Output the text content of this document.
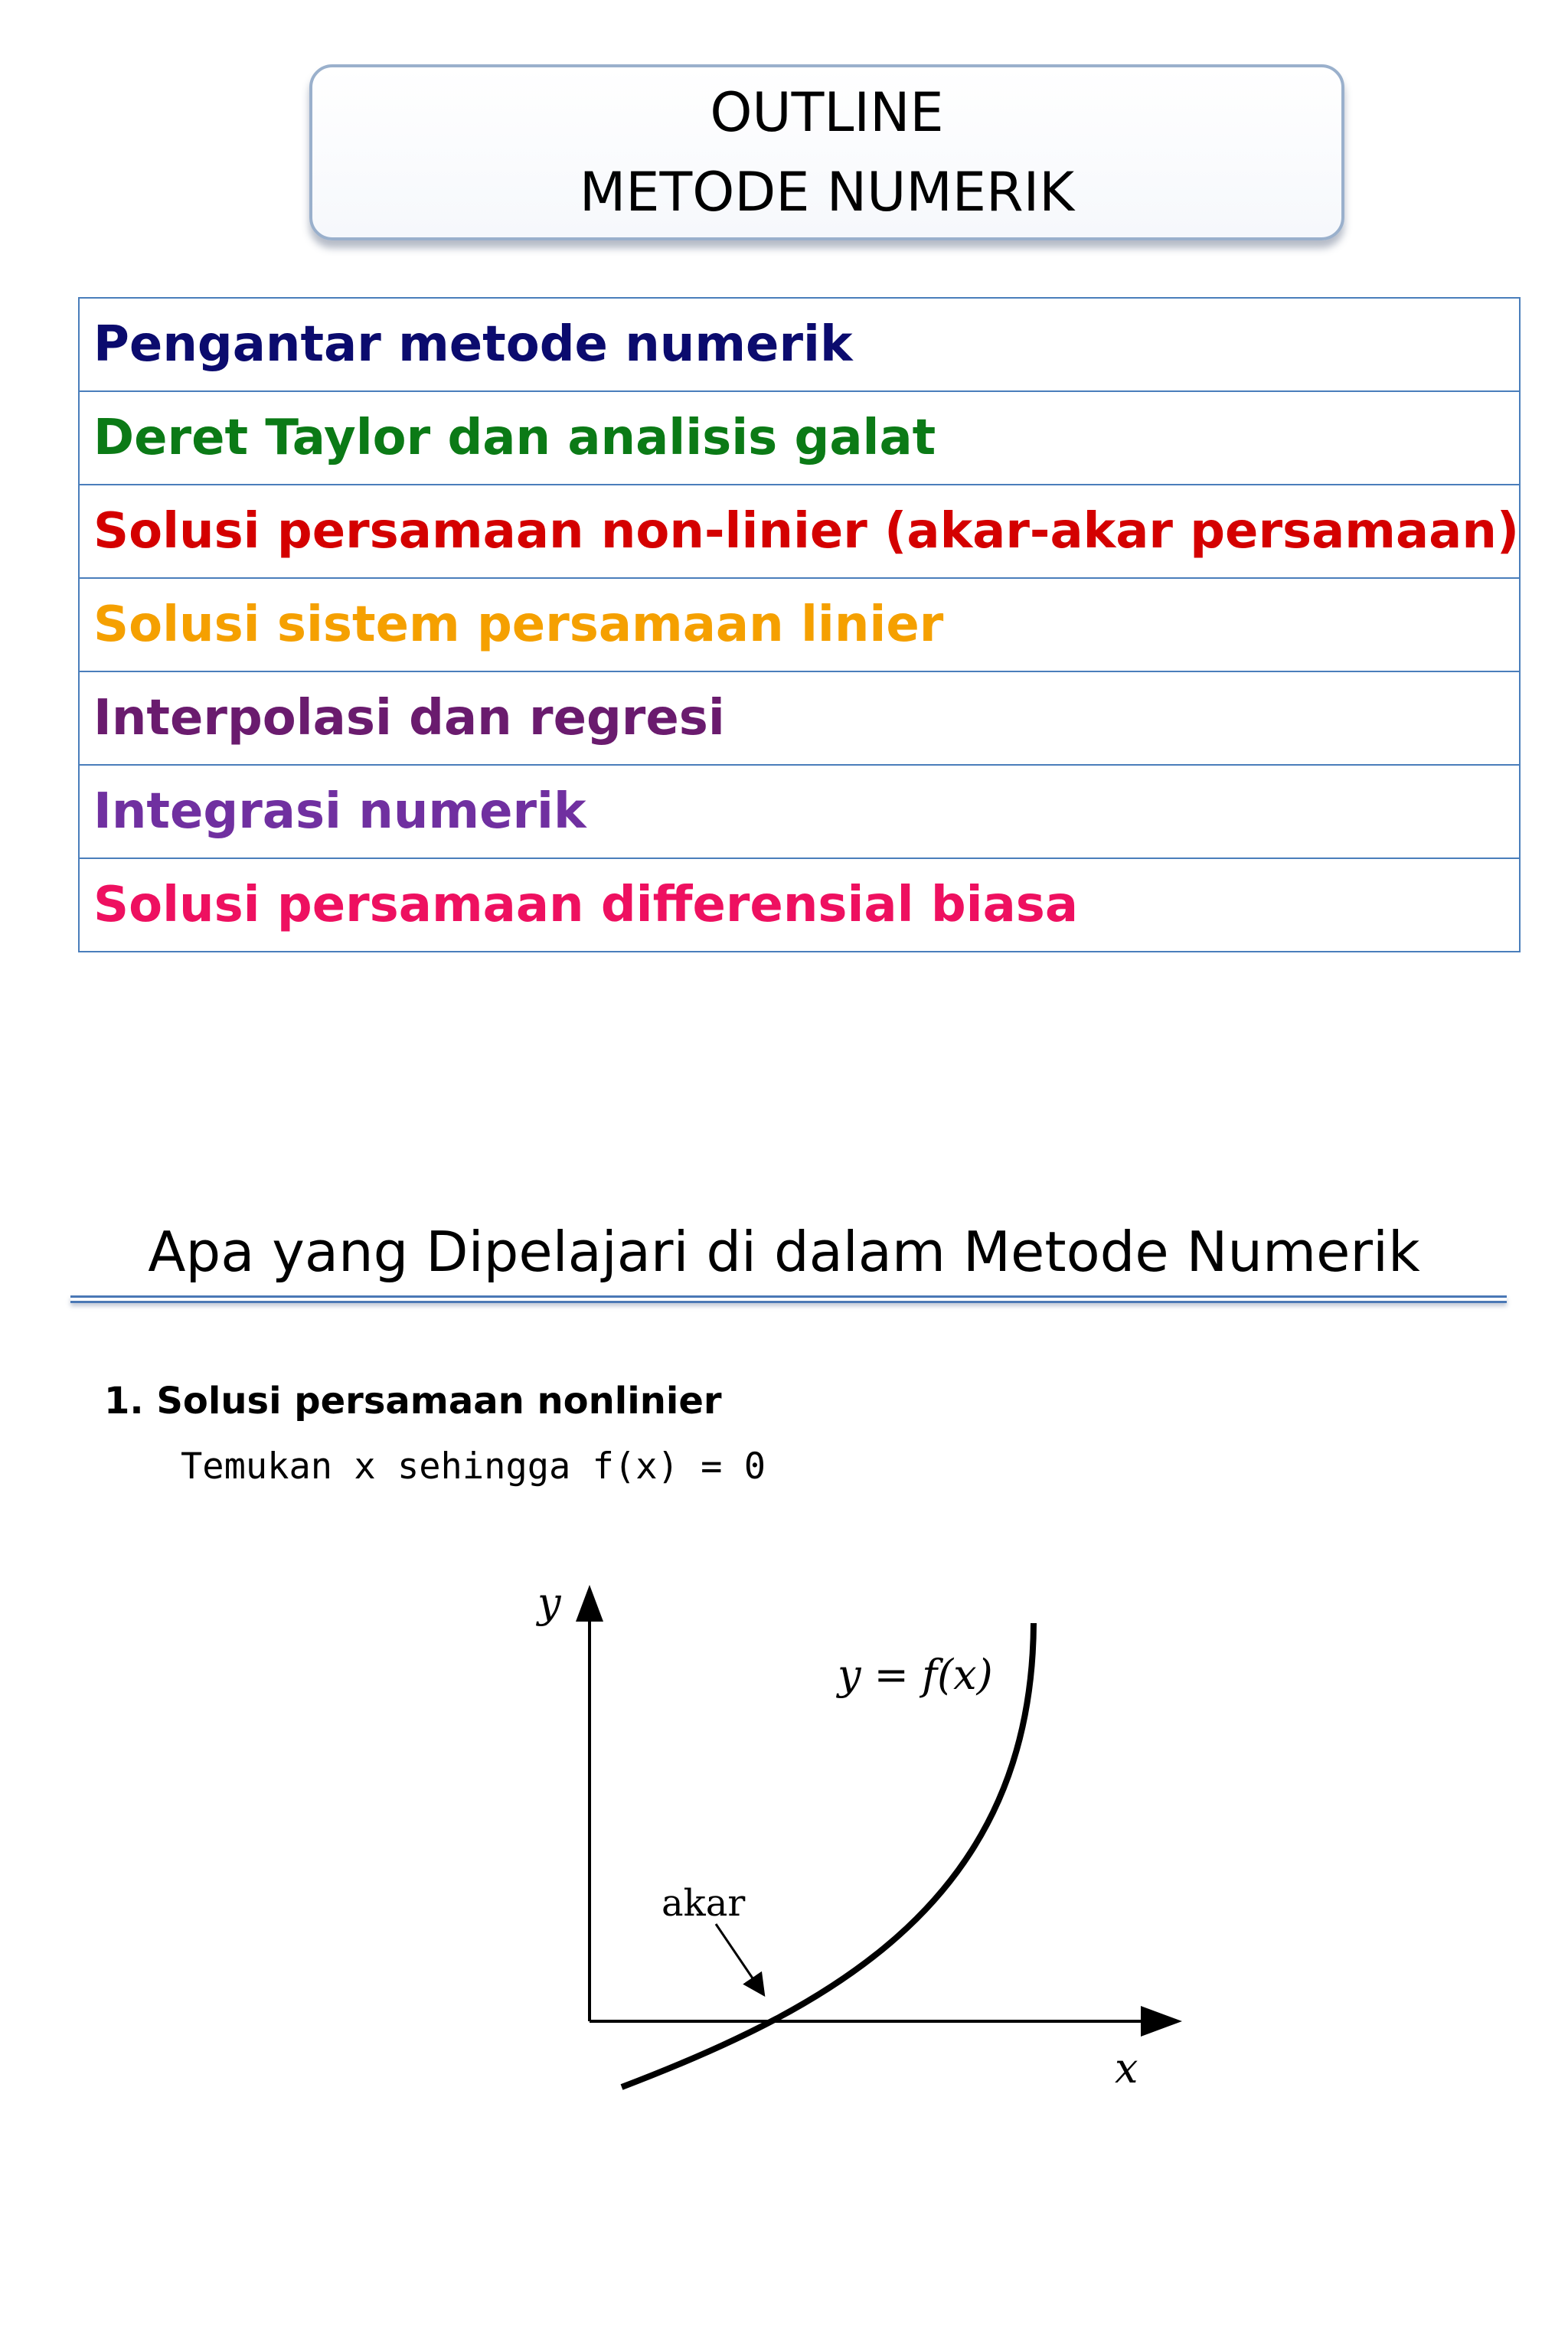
OUTLINE
METODE NUMERIK
Pengantar metode numerik
Deret Taylor dan analisis galat
Solusi persamaan non-linier (akar-akar persamaan)
Solusi sistem persamaan linier
Interpolasi dan regresi
Integrasi numerik
Solusi persamaan differensial biasa
Apa yang Dipelajari di dalam Metode Numerik
1. Solusi persamaan nonlinier
Temukan x sehingga f(x) = 0
y
x
y = f(x)
akar
